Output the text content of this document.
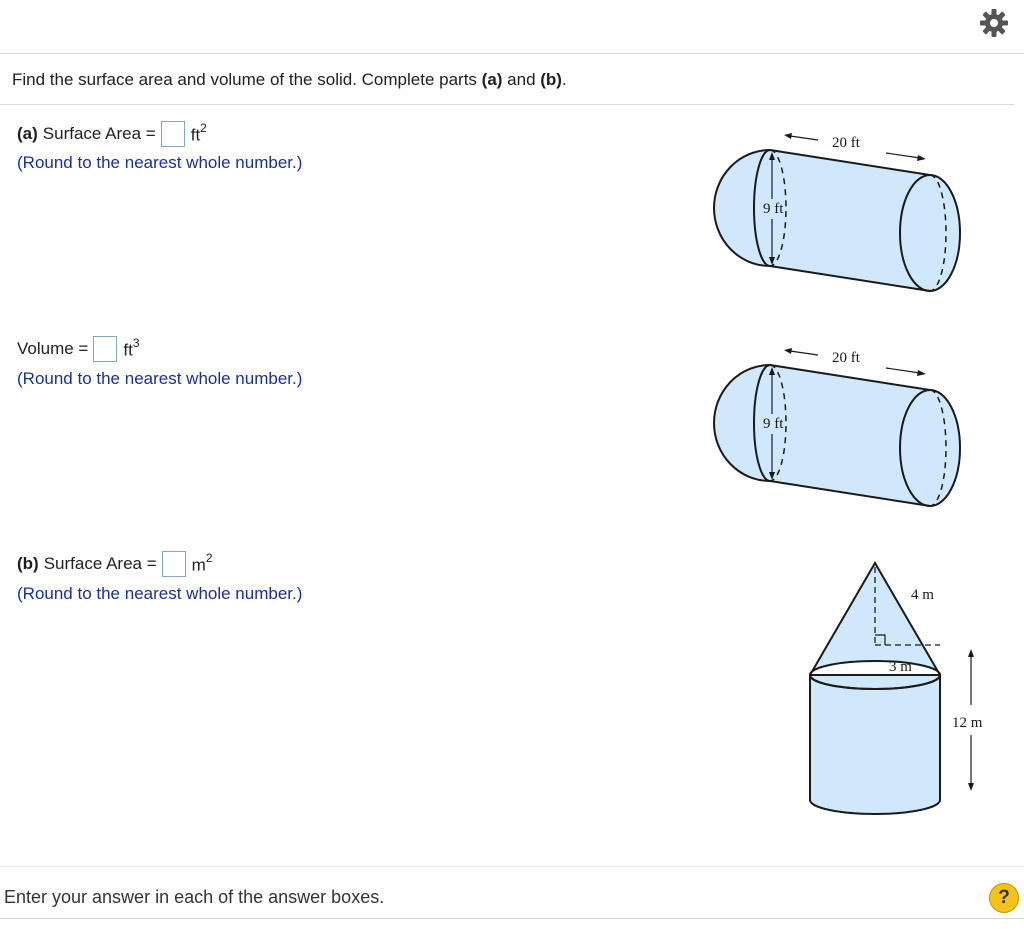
Find the surface area and volume of the solid. Complete parts (a) and (b).
(a) Surface Area = $ft^2$
(Round to the nearest whole number.)
Volume = $ft^3$
(Round to the nearest whole number.)
(b) Surface Area = $m^2$
(Round to the nearest whole number.)
9 ft
20 ft
9 ft
20 ft
4 m
3 m
12 m
Enter your answer in each of the answer boxes.	?
